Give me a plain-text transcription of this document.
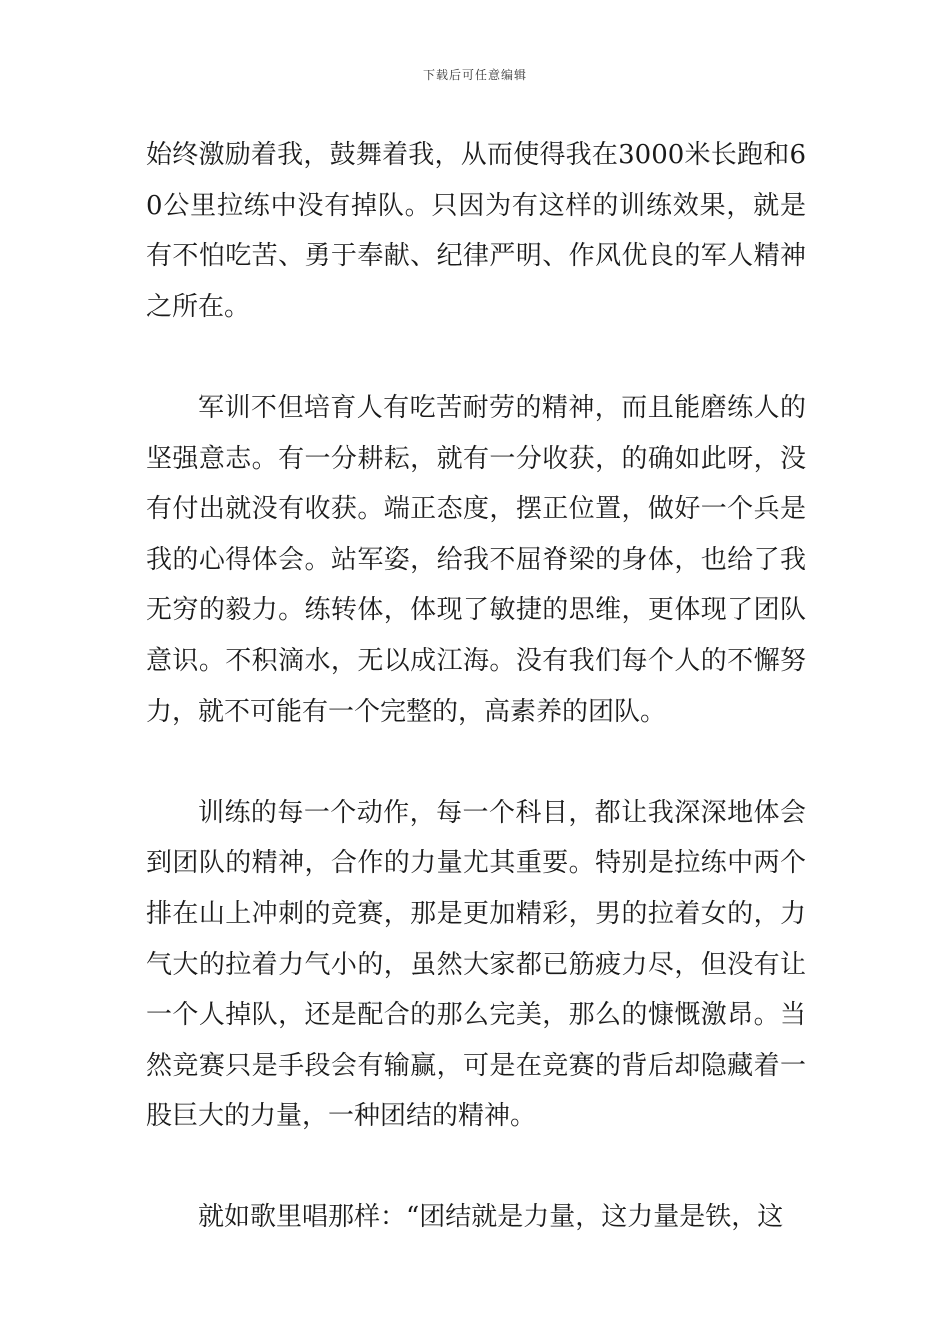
下载后可任意编辑

始终激励着我，鼓舞着我，从而使得我在3000米长跑和60公里拉练中没有掉队。只因为有这样的训练效果，就是有不怕吃苦、勇于奉献、纪律严明、作风优良的军人精神之所在。

军训不但培育人有吃苦耐劳的精神，而且能磨练人的坚强意志。有一分耕耘，就有一分收获，的确如此呀，没有付出就没有收获。端正态度，摆正位置，做好一个兵是我的心得体会。站军姿，给我不屈脊梁的身体，也给了我无穷的毅力。练转体，体现了敏捷的思维，更体现了团队意识。不积滴水，无以成江海。没有我们每个人的不懈努力，就不可能有一个完整的，高素养的团队。

训练的每一个动作，每一个科目，都让我深深地体会到团队的精神，合作的力量尤其重要。特别是拉练中两个排在山上冲刺的竞赛，那是更加精彩，男的拉着女的，力气大的拉着力气小的，虽然大家都已筋疲力尽，但没有让一个人掉队，还是配合的那么完美，那么的慷慨激昂。当然竞赛只是手段会有输赢，可是在竞赛的背后却隐藏着一股巨大的力量，一种团结的精神。

就如歌里唱那样：“团结就是力量，这力量是铁，这
